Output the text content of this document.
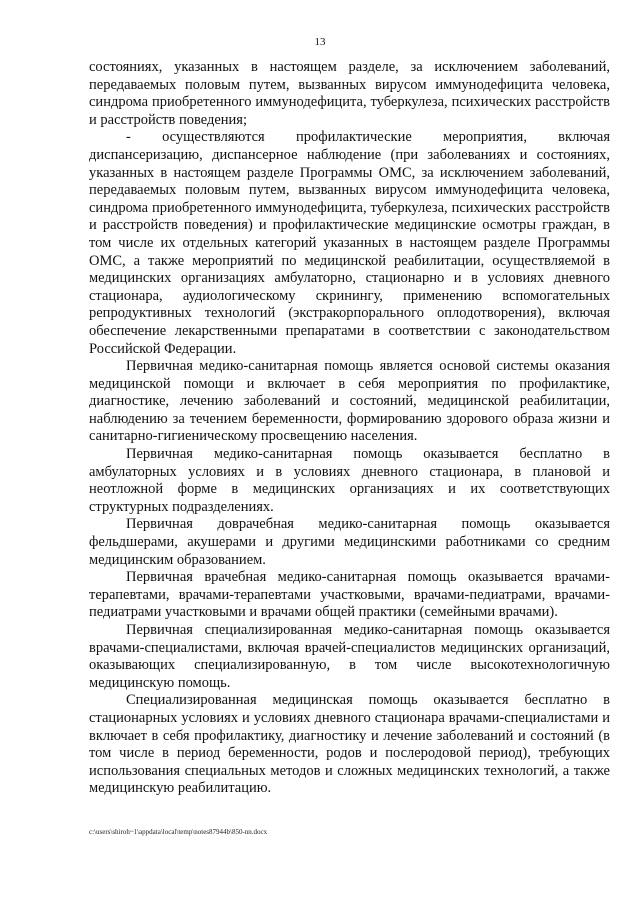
13

состояниях, указанных в настоящем разделе, за исключением заболеваний, передаваемых половым путем, вызванных вирусом иммунодефицита человека, синдрома приобретенного иммунодефицита, туберкулеза, психических расстройств и расстройств поведения;

- осуществляются профилактические мероприятия, включая диспансеризацию, диспансерное наблюдение (при заболеваниях и состояниях, указанных в настоящем разделе Программы ОМС, за исключением заболеваний, передаваемых половым путем, вызванных вирусом иммунодефицита человека, синдрома приобретенного иммунодефицита, туберкулеза, психических расстройств и расстройств поведения) и профилактические медицинские осмотры граждан, в том числе их отдельных категорий указанных в настоящем разделе Программы ОМС, а также мероприятий по медицинской реабилитации, осуществляемой в медицинских организациях амбулаторно, стационарно и в условиях дневного стационара, аудиологическому скринингу, применению вспомогательных репродуктивных технологий (экстракорпорального оплодотворения), включая обеспечение лекарственными препаратами в соответствии с законодательством Российской Федерации.

Первичная медико-санитарная помощь является основой системы оказания медицинской помощи и включает в себя мероприятия по профилактике, диагностике, лечению заболеваний и состояний, медицинской реабилитации, наблюдению за течением беременности, формированию здорового образа жизни и санитарно-гигиеническому просвещению населения.

Первичная медико-санитарная помощь оказывается бесплатно в амбулаторных условиях и в условиях дневного стационара, в плановой и неотложной форме в медицинских организациях и их соответствующих структурных подразделениях.

Первичная доврачебная медико-санитарная помощь оказывается фельдшерами, акушерами и другими медицинскими работниками со средним медицинским образованием.

Первичная врачебная медико-санитарная помощь оказывается врачами-терапевтами, врачами-терапевтами участковыми, врачами-педиатрами, врачами-педиатрами участковыми и врачами общей практики (семейными врачами).

Первичная специализированная медико-санитарная помощь оказывается врачами-специалистами, включая врачей-специалистов медицинских организаций, оказывающих специализированную, в том числе высокотехнологичную медицинскую помощь.

Специализированная медицинская помощь оказывается бесплатно в стационарных условиях и условиях дневного стационара врачами-специалистами и включает в себя профилактику, диагностику и лечение заболеваний и состояний (в том числе в период беременности, родов и послеродовой период), требующих использования специальных методов и сложных медицинских технологий, а также медицинскую реабилитацию.

c:\users\shiroh~1\appdata\local\temp\notes87944b\850-nn.docx
